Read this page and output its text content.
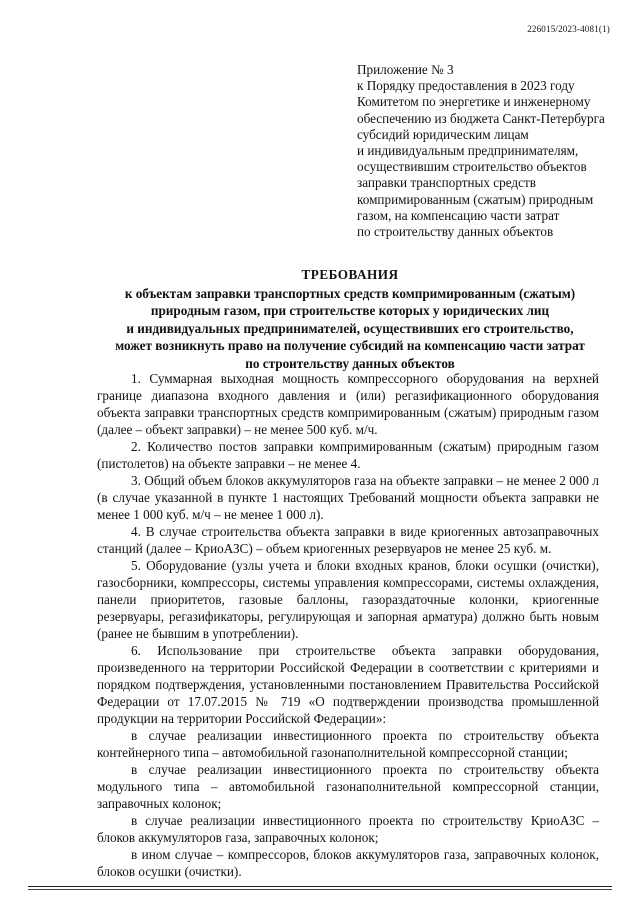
226015/2023-4081(1)
Приложение № 3
к Порядку предоставления в 2023 году
Комитетом по энергетике и инженерному
обеспечению из бюджета Санкт-Петербурга
субсидий юридическим лицам
и индивидуальным предпринимателям,
осуществившим строительство объектов
заправки транспортных средств
компримированным (сжатым) природным
газом, на компенсацию части затрат
по строительству данных объектов
ТРЕБОВАНИЯ
к объектам заправки транспортных средств компримированным (сжатым)
природным газом, при строительстве которых у юридических лиц
и индивидуальных предпринимателей, осуществивших его строительство,
может возникнуть право на получение субсидий на компенсацию части затрат
по строительству данных объектов

1. Суммарная выходная мощность компрессорного оборудования на верхней границе диапазона входного давления и (или) регазификационного оборудования объекта заправки транспортных средств компримированным (сжатым) природным газом (далее – объект заправки) – не менее 500 куб. м/ч.

2. Количество постов заправки компримированным (сжатым) природным газом (пистолетов) на объекте заправки – не менее 4.

3. Общий объем блоков аккумуляторов газа на объекте заправки – не менее 2 000 л (в случае указанной в пункте 1 настоящих Требований мощности объекта заправки не менее 1 000 куб. м/ч – не менее 1 000 л).

4. В случае строительства объекта заправки в виде криогенных автозаправочных станций (далее – КриоАЗС) – объем криогенных резервуаров не менее 25 куб. м.

5. Оборудование (узлы учета и блоки входных кранов, блоки осушки (очистки), газосборники, компрессоры, системы управления компрессорами, системы охлаждения, панели приоритетов, газовые баллоны, газораздаточные колонки, криогенные резервуары, регазификаторы, регулирующая и запорная арматура) должно быть новым (ранее не бывшим в употреблении).

6. Использование при строительстве объекта заправки оборудования, произведенного на территории Российской Федерации в соответствии с критериями и порядком подтверждения, установленными постановлением Правительства Российской Федерации от 17.07.2015 № 719 «О подтверждении производства промышленной продукции на территории Российской Федерации»:

в случае реализации инвестиционного проекта по строительству объекта контейнерного типа – автомобильной газонаполнительной компрессорной станции;

в случае реализации инвестиционного проекта по строительству объекта модульного типа – автомобильной газонаполнительной компрессорной станции, заправочных колонок;

в случае реализации инвестиционного проекта по строительству КриоАЗС – блоков аккумуляторов газа, заправочных колонок;

в ином случае – компрессоров, блоков аккумуляторов газа, заправочных колонок, блоков осушки (очистки).
